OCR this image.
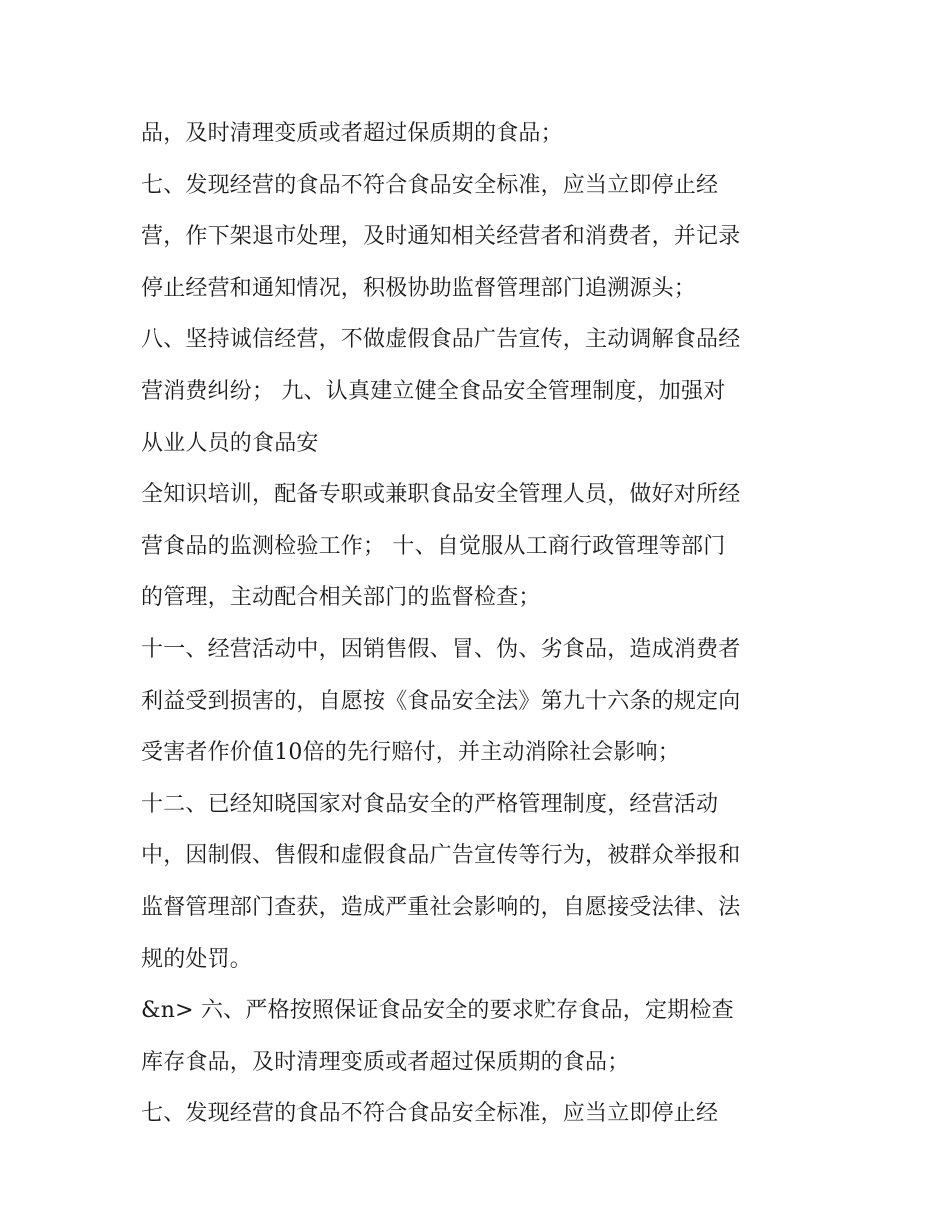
品，及时清理变质或者超过保质期的食品；
七、发现经营的食品不符合食品安全标准，应当立即停止经
营，作下架退市处理，及时通知相关经营者和消费者，并记录
停止经营和通知情况，积极协助监督管理部门追溯源头；
八、坚持诚信经营，不做虚假食品广告宣传，主动调解食品经
营消费纠纷； 九、认真建立健全食品安全管理制度，加强对
从业人员的食品安
全知识培训，配备专职或兼职食品安全管理人员，做好对所经
营食品的监测检验工作； 十、自觉服从工商行政管理等部门
的管理，主动配合相关部门的监督检查；
十一、经营活动中，因销售假、冒、伪、劣食品，造成消费者
利益受到损害的，自愿按《食品安全法》第九十六条的规定向
受害者作价值10倍的先行赔付，并主动消除社会影响；
十二、已经知晓国家对食品安全的严格管理制度，经营活动
中，因制假、售假和虚假食品广告宣传等行为，被群众举报和
监督管理部门查获，造成严重社会影响的，自愿接受法律、法
规的处罚。
&n> 六、严格按照保证食品安全的要求贮存食品，定期检查
库存食品，及时清理变质或者超过保质期的食品；
七、发现经营的食品不符合食品安全标准，应当立即停止经
